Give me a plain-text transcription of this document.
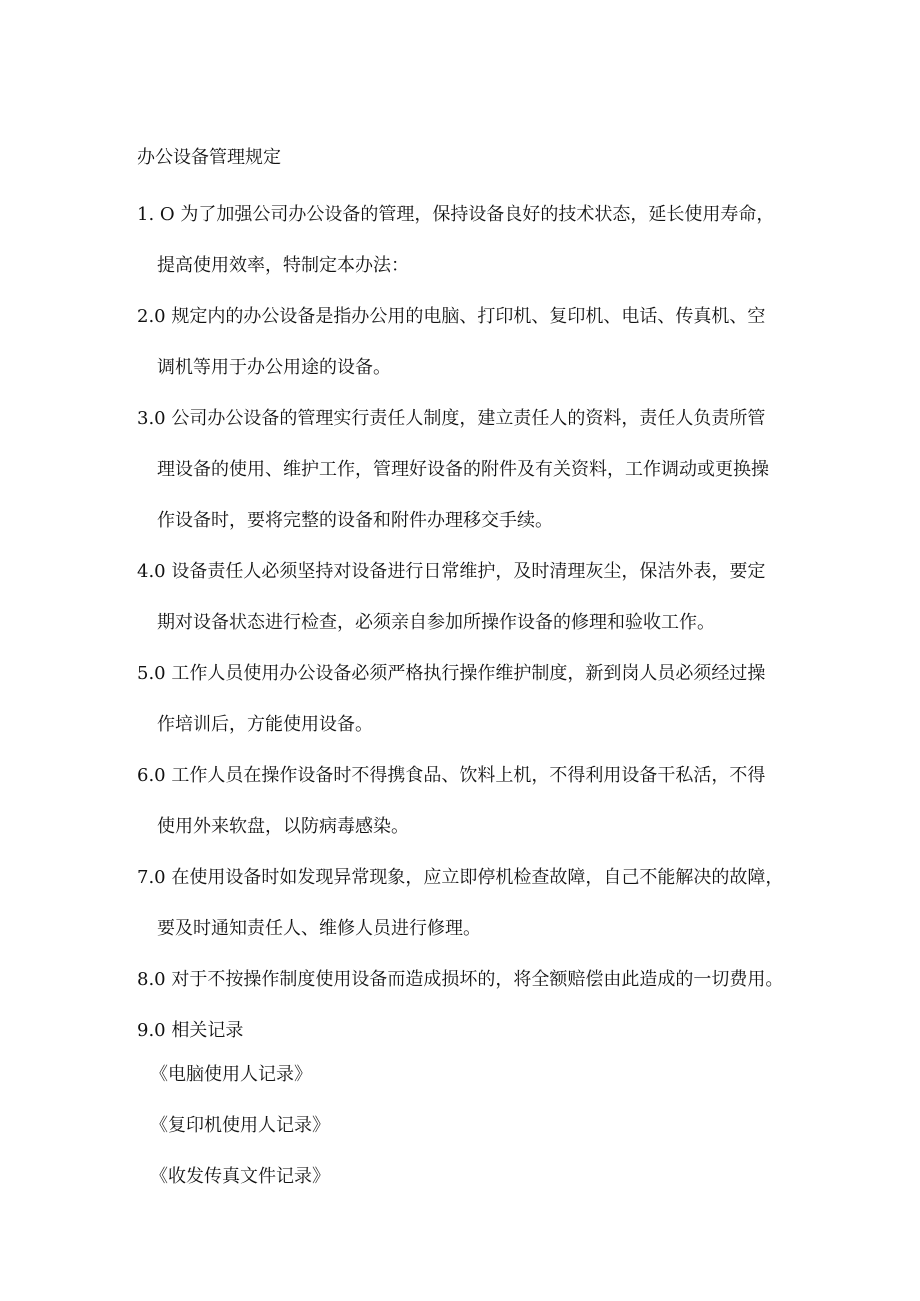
办公设备管理规定
1. O 为了加强公司办公设备的管理，保持设备良好的技术状态，延长使用寿命，
提高使用效率，特制定本办法：
2.0 规定内的办公设备是指办公用的电脑、打印机、复印机、电话、传真机、空
调机等用于办公用途的设备。
3.0 公司办公设备的管理实行责任人制度，建立责任人的资料，责任人负责所管
理设备的使用、维护工作，管理好设备的附件及有关资料，工作调动或更换操
作设备时，要将完整的设备和附件办理移交手续。
4.0 设备责任人必须坚持对设备进行日常维护，及时清理灰尘，保洁外表，要定
期对设备状态进行检查，必须亲自参加所操作设备的修理和验收工作。
5.0 工作人员使用办公设备必须严格执行操作维护制度，新到岗人员必须经过操
作培训后，方能使用设备。
6.0 工作人员在操作设备时不得携食品、饮料上机，不得利用设备干私活，不得
使用外来软盘，以防病毒感染。
7.0 在使用设备时如发现异常现象，应立即停机检查故障，自己不能解决的故障，
要及时通知责任人、维修人员进行修理。
8.0 对于不按操作制度使用设备而造成损坏的，将全额赔偿由此造成的一切费用。
9.0 相关记录
《电脑使用人记录》
《复印机使用人记录》
《收发传真文件记录》
